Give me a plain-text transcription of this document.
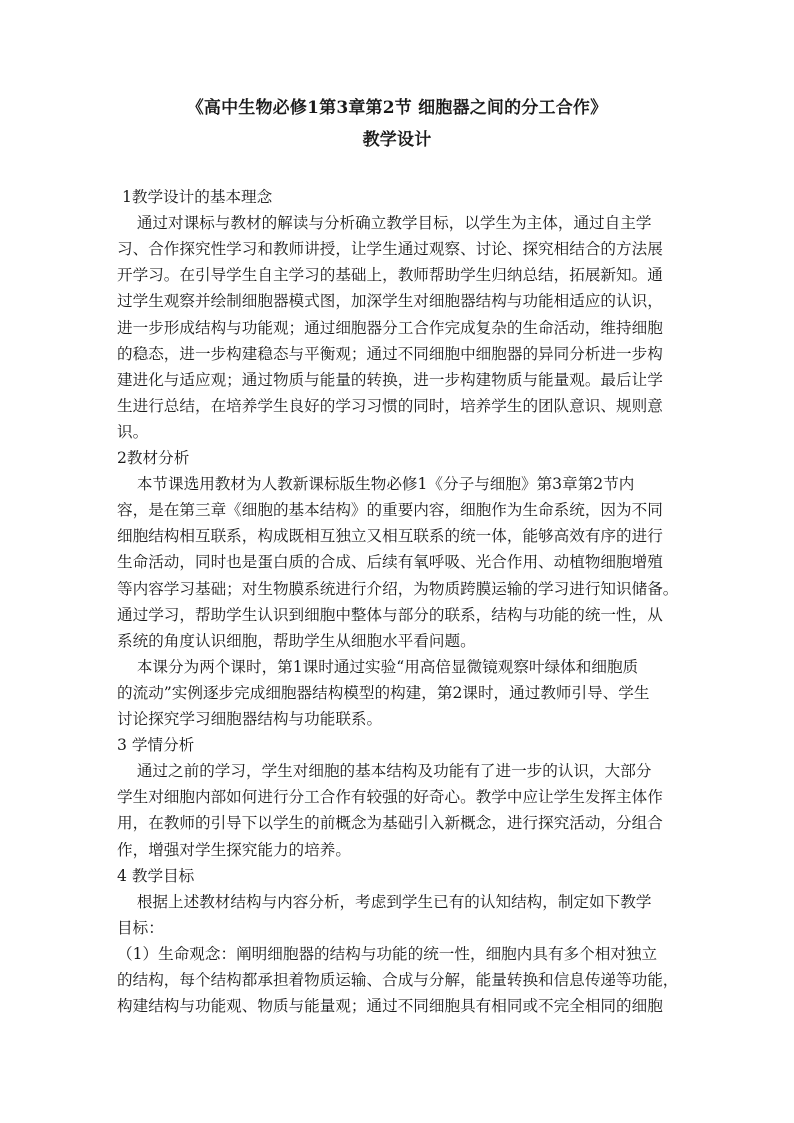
《高中生物必修1第3章第2节 细胞器之间的分工合作》
教学设计
1教学设计的基本理念
通过对课标与教材的解读与分析确立教学目标，以学生为主体，通过自主学
习、合作探究性学习和教师讲授，让学生通过观察、讨论、探究相结合的方法展
开学习。在引导学生自主学习的基础上，教师帮助学生归纳总结，拓展新知。通
过学生观察并绘制细胞器模式图，加深学生对细胞器结构与功能相适应的认识，
进一步形成结构与功能观；通过细胞器分工合作完成复杂的生命活动，维持细胞
的稳态，进一步构建稳态与平衡观；通过不同细胞中细胞器的异同分析进一步构
建进化与适应观；通过物质与能量的转换，进一步构建物质与能量观。最后让学
生进行总结，在培养学生良好的学习习惯的同时，培养学生的团队意识、规则意
识。
2教材分析
本节课选用教材为人教新课标版生物必修1《分子与细胞》第3章第2节内
容，是在第三章《细胞的基本结构》的重要内容，细胞作为生命系统，因为不同
细胞结构相互联系，构成既相互独立又相互联系的统一体，能够高效有序的进行
生命活动，同时也是蛋白质的合成、后续有氧呼吸、光合作用、动植物细胞增殖
等内容学习基础；对生物膜系统进行介绍，为物质跨膜运输的学习进行知识储备。
通过学习，帮助学生认识到细胞中整体与部分的联系，结构与功能的统一性，从
系统的角度认识细胞，帮助学生从细胞水平看问题。
本课分为两个课时，第1课时通过实验“用高倍显微镜观察叶绿体和细胞质
的流动”实例逐步完成细胞器结构模型的构建，第2课时，通过教师引导、学生
讨论探究学习细胞器结构与功能联系。
3 学情分析
通过之前的学习，学生对细胞的基本结构及功能有了进一步的认识，大部分
学生对细胞内部如何进行分工合作有较强的好奇心。教学中应让学生发挥主体作
用，在教师的引导下以学生的前概念为基础引入新概念，进行探究活动，分组合
作，增强对学生探究能力的培养。
4 教学目标
根据上述教材结构与内容分析，考虑到学生已有的认知结构，制定如下教学
目标：
（1）生命观念：阐明细胞器的结构与功能的统一性，细胞内具有多个相对独立
的结构，每个结构都承担着物质运输、合成与分解，能量转换和信息传递等功能，
构建结构与功能观、物质与能量观；通过不同细胞具有相同或不完全相同的细胞
